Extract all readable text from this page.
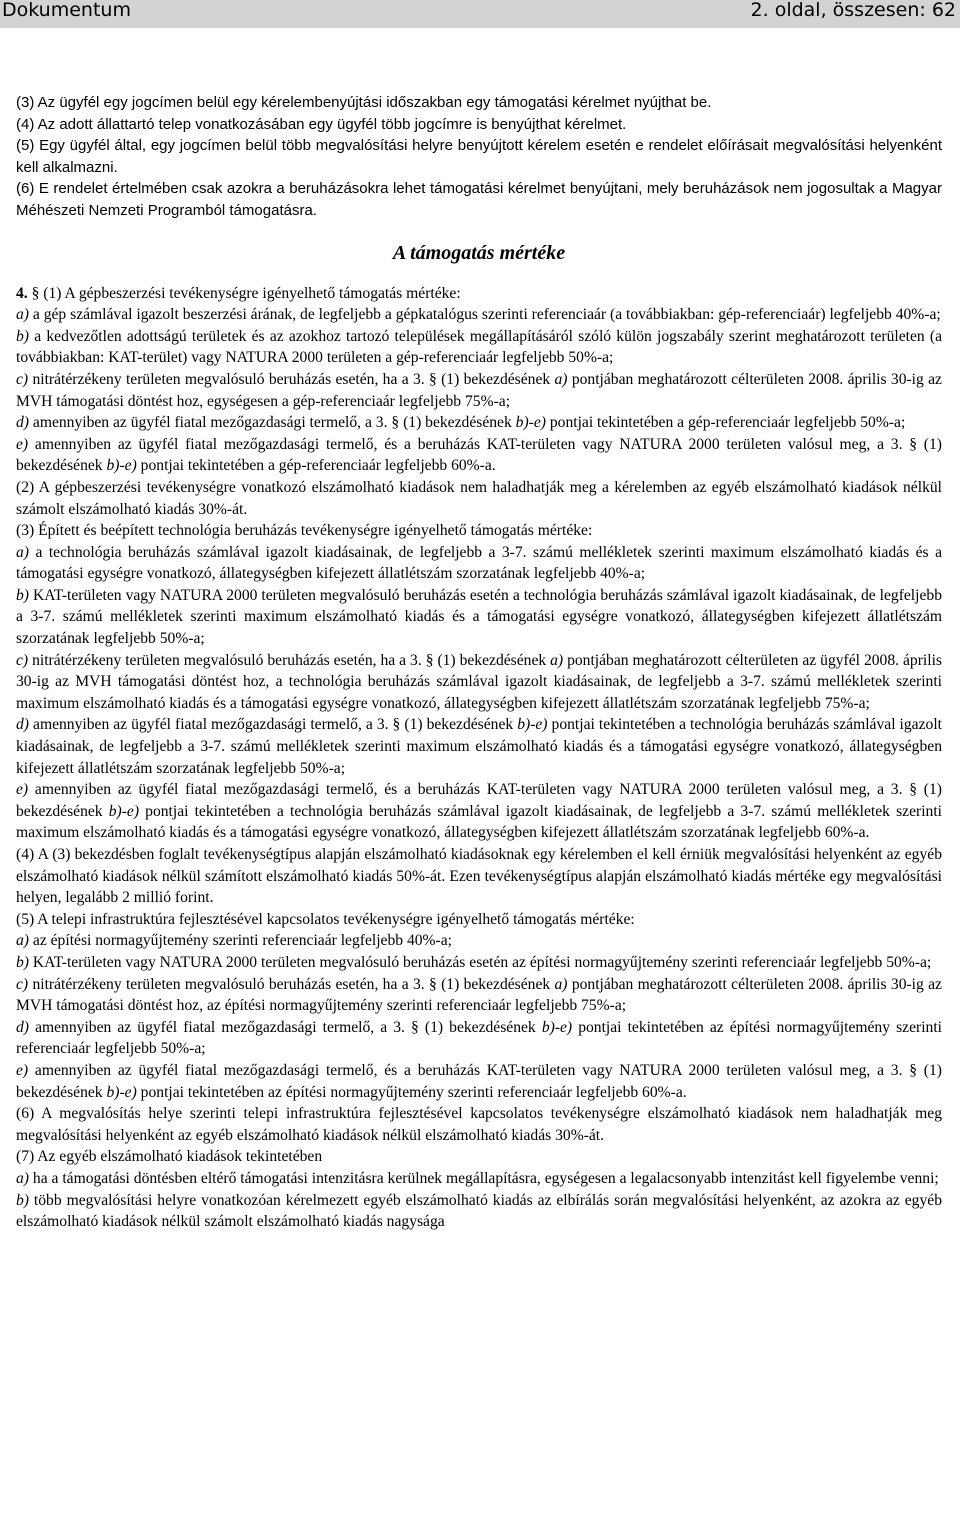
Dokumentum	2. oldal, összesen: 62

(3) Az ügyfél egy jogcímen belül egy kérelembenyújtási időszakban egy támogatási kérelmet nyújthat be.

(4) Az adott állattartó telep vonatkozásában egy ügyfél több jogcímre is benyújthat kérelmet.

(5) Egy ügyfél által, egy jogcímen belül több megvalósítási helyre benyújtott kérelem esetén e rendelet előírásait megvalósítási helyenként kell alkalmazni.

(6) E rendelet értelmében csak azokra a beruházásokra lehet támogatási kérelmet benyújtani, mely beruházások nem jogosultak a Magyar Méhészeti Nemzeti Programból támogatásra.

A támogatás mértéke

4. § (1) A gépbeszerzési tevékenységre igényelhető támogatás mértéke:

a) a gép számlával igazolt beszerzési árának, de legfeljebb a gépkatalógus szerinti referenciaár (a továbbiakban: gép-referenciaár) legfeljebb 40%-a;

b) a kedvezőtlen adottságú területek és az azokhoz tartozó települések megállapításáról szóló külön jogszabály szerint meghatározott területen (a továbbiakban: KAT-terület) vagy NATURA 2000 területen a gép-referenciaár legfeljebb 50%-a;

c) nitrátérzékeny területen megvalósuló beruházás esetén, ha a 3. § (1) bekezdésének a) pontjában meghatározott célterületen 2008. április 30-ig az MVH támogatási döntést hoz, egységesen a gép-referenciaár legfeljebb 75%-a;

d) amennyiben az ügyfél fiatal mezőgazdasági termelő, a 3. § (1) bekezdésének b)-e) pontjai tekintetében a gép-referenciaár legfeljebb 50%-a;

e) amennyiben az ügyfél fiatal mezőgazdasági termelő, és a beruházás KAT-területen vagy NATURA 2000 területen valósul meg, a 3. § (1) bekezdésének b)-e) pontjai tekintetében a gép-referenciaár legfeljebb 60%-a.

(2) A gépbeszerzési tevékenységre vonatkozó elszámolható kiadások nem haladhatják meg a kérelemben az egyéb elszámolható kiadások nélkül számolt elszámolható kiadás 30%-át.

(3) Épített és beépített technológia beruházás tevékenységre igényelhető támogatás mértéke:

a) a technológia beruházás számlával igazolt kiadásainak, de legfeljebb a 3-7. számú mellékletek szerinti maximum elszámolható kiadás és a támogatási egységre vonatkozó, állategységben kifejezett állatlétszám szorzatának legfeljebb 40%-a;

b) KAT-területen vagy NATURA 2000 területen megvalósuló beruházás esetén a technológia beruházás számlával igazolt kiadásainak, de legfeljebb a 3-7. számú mellékletek szerinti maximum elszámolható kiadás és a támogatási egységre vonatkozó, állategységben kifejezett állatlétszám szorzatának legfeljebb 50%-a;

c) nitrátérzékeny területen megvalósuló beruházás esetén, ha a 3. § (1) bekezdésének a) pontjában meghatározott célterületen az ügyfél 2008. április 30-ig az MVH támogatási döntést hoz, a technológia beruházás számlával igazolt kiadásainak, de legfeljebb a 3-7. számú mellékletek szerinti maximum elszámolható kiadás és a támogatási egységre vonatkozó, állategységben kifejezett állatlétszám szorzatának legfeljebb 75%-a;

d) amennyiben az ügyfél fiatal mezőgazdasági termelő, a 3. § (1) bekezdésének b)-e) pontjai tekintetében a technológia beruházás számlával igazolt kiadásainak, de legfeljebb a 3-7. számú mellékletek szerinti maximum elszámolható kiadás és a támogatási egységre vonatkozó, állategységben kifejezett állatlétszám szorzatának legfeljebb 50%-a;

e) amennyiben az ügyfél fiatal mezőgazdasági termelő, és a beruházás KAT-területen vagy NATURA 2000 területen valósul meg, a 3. § (1) bekezdésének b)-e) pontjai tekintetében a technológia beruházás számlával igazolt kiadásainak, de legfeljebb a 3-7. számú mellékletek szerinti maximum elszámolható kiadás és a támogatási egységre vonatkozó, állategységben kifejezett állatlétszám szorzatának legfeljebb 60%-a.

(4) A (3) bekezdésben foglalt tevékenységtípus alapján elszámolható kiadásoknak egy kérelemben el kell érniük megvalósítási helyenként az egyéb elszámolható kiadások nélkül számított elszámolható kiadás 50%-át. Ezen tevékenységtípus alapján elszámolható kiadás mértéke egy megvalósítási helyen, legalább 2 millió forint.

(5) A telepi infrastruktúra fejlesztésével kapcsolatos tevékenységre igényelhető támogatás mértéke:

a) az építési normagyűjtemény szerinti referenciaár legfeljebb 40%-a;

b) KAT-területen vagy NATURA 2000 területen megvalósuló beruházás esetén az építési normagyűjtemény szerinti referenciaár legfeljebb 50%-a;

c) nitrátérzékeny területen megvalósuló beruházás esetén, ha a 3. § (1) bekezdésének a) pontjában meghatározott célterületen 2008. április 30-ig az MVH támogatási döntést hoz, az építési normagyűjtemény szerinti referenciaár legfeljebb 75%-a;

d) amennyiben az ügyfél fiatal mezőgazdasági termelő, a 3. § (1) bekezdésének b)-e) pontjai tekintetében az építési normagyűjtemény szerinti referenciaár legfeljebb 50%-a;

e) amennyiben az ügyfél fiatal mezőgazdasági termelő, és a beruházás KAT-területen vagy NATURA 2000 területen valósul meg, a 3. § (1) bekezdésének b)-e) pontjai tekintetében az építési normagyűjtemény szerinti referenciaár legfeljebb 60%-a.

(6) A megvalósítás helye szerinti telepi infrastruktúra fejlesztésével kapcsolatos tevékenységre elszámolható kiadások nem haladhatják meg megvalósítási helyenként az egyéb elszámolható kiadások nélkül elszámolható kiadás 30%-át.

(7) Az egyéb elszámolható kiadások tekintetében

a) ha a támogatási döntésben eltérő támogatási intenzitásra kerülnek megállapításra, egységesen a legalacsonyabb intenzitást kell figyelembe venni;

b) több megvalósítási helyre vonatkozóan kérelmezett egyéb elszámolható kiadás az elbírálás során megvalósítási helyenként, az azokra az egyéb elszámolható kiadások nélkül számolt elszámolható kiadás nagysága
